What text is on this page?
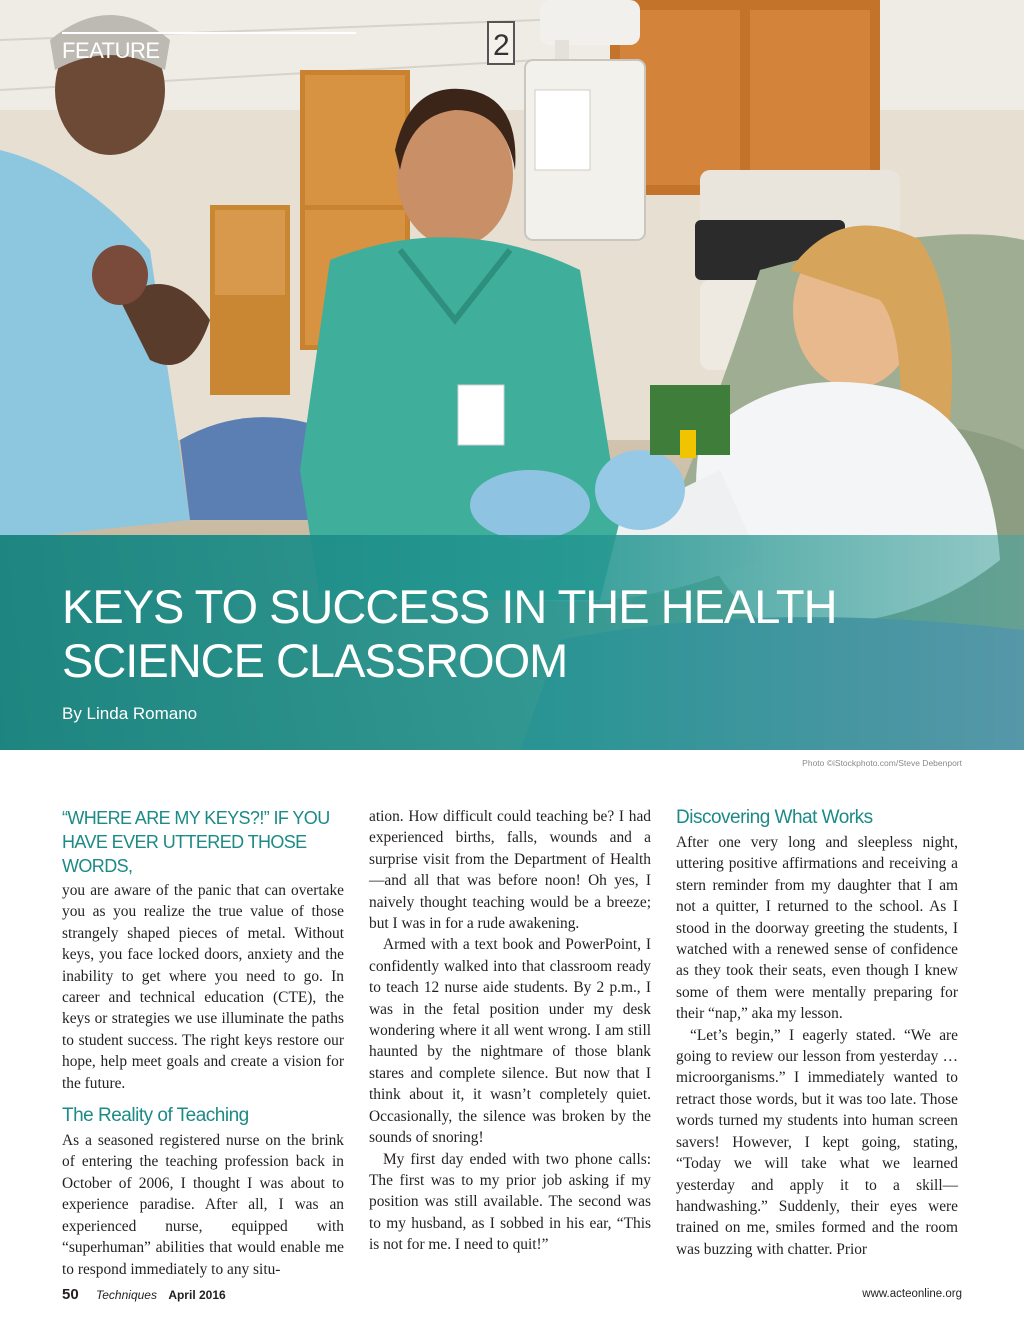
2
FEATURE
KEYS TO SUCCESS IN THE HEALTH
SCIENCE CLASSROOM
By Linda Romano
Photo ©iStockphoto.com/Steve Debenport
“WHERE ARE MY KEYS?!” IF YOU HAVE EVER UTTERED THOSE WORDS,

you are aware of the panic that can overtake you as you realize the true value of those strangely shaped pieces of metal. Without keys, you face locked doors, anxiety and the inability to get where you need to go. In career and technical education (CTE), the keys or strategies we use illuminate the paths to student success. The right keys restore our hope, help meet goals and create a vision for the future.

The Reality of Teaching

As a seasoned registered nurse on the brink of entering the teaching profession back in October of 2006, I thought I was about to experience paradise. After all, I was an experienced nurse, equipped with “superhuman” abilities that would enable me to respond immediately to any situ-

ation. How difficult could teaching be? I had experienced births, falls, wounds and a surprise visit from the Department of Health—and all that was before noon! Oh yes, I naively thought teaching would be a breeze; but I was in for a rude awakening.

Armed with a text book and PowerPoint, I confidently walked into that classroom ready to teach 12 nurse aide students. By 2 p.m., I was in the fetal position under my desk wondering where it all went wrong. I am still haunted by the nightmare of those blank stares and complete silence. But now that I think about it, it wasn’t completely quiet. Occasionally, the silence was broken by the sounds of snoring!

My first day ended with two phone calls: The first was to my prior job asking if my position was still available. The second was to my husband, as I sobbed in his ear, “This is not for me. I need to quit!”

Discovering What Works

After one very long and sleepless night, uttering positive affirmations and receiving a stern reminder from my daughter that I am not a quitter, I returned to the school. As I stood in the doorway greeting the students, I watched with a renewed sense of confidence as they took their seats, even though I knew some of them were mentally preparing for their “nap,” aka my lesson.

“Let’s begin,” I eagerly stated. “We are going to review our lesson from yesterday … microorganisms.” I immediately wanted to retract those words, but it was too late. Those words turned my students into human screen savers! However, I kept going, stating, “Today we will take what we learned yesterday and apply it to a skill—handwashing.” Suddenly, their eyes were trained on me, smiles formed and the room was buzzing with chatter. Prior

50 Techniques April 2016	www.acteonline.org
